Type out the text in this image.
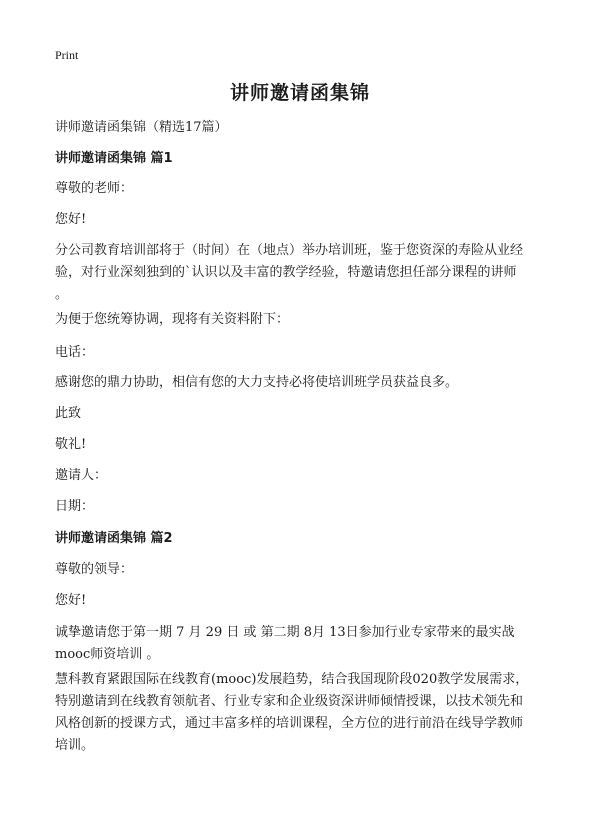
Print
讲师邀请函集锦
讲师邀请函集锦（精选17篇）
讲师邀请函集锦 篇1
尊敬的老师：
您好!
分公司教育培训部将于（时间）在（地点）举办培训班，鉴于您资深的寿险从业经
验，对行业深刻独到的`认识以及丰富的教学经验，特邀请您担任部分课程的讲师
。
为便于您统筹协调，现将有关资料附下：
电话：
感谢您的鼎力协助，相信有您的大力支持必将使培训班学员获益良多。
此致
敬礼!
邀请人：
日期：
讲师邀请函集锦 篇2
尊敬的领导：
您好!
诚挚邀请您于第一期 7 月 29 日 或 第二期 8月 13日参加行业专家带来的最实战
mooc师资培训 。
慧科教育紧跟国际在线教育(mooc)发展趋势，结合我国现阶段020教学发展需求，
特别邀请到在线教育领航者、行业专家和企业级资深讲师倾情授课，以技术领先和
风格创新的授课方式，通过丰富多样的培训课程，全方位的进行前沿在线导学教师
培训。
